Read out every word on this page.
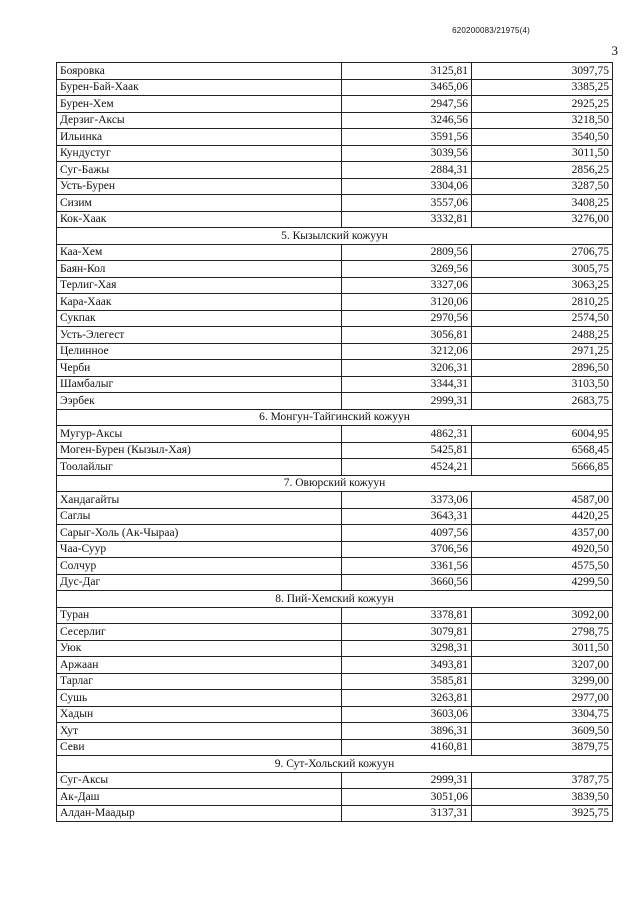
620200083/21975(4)
3
Бояровка	3125,81	3097,75
Бурен-Бай-Хаак	3465,06	3385,25
Бурен-Хем	2947,56	2925,25
Дерзиг-Аксы	3246,56	3218,50
Ильинка	3591,56	3540,50
Кундустуг	3039,56	3011,50
Суг-Бажы	2884,31	2856,25
Усть-Бурен	3304,06	3287,50
Сизим	3557,06	3408,25
Кок-Хаак	3332,81	3276,00
5. Кызылский кожуун		
Каа-Хем	2809,56	2706,75
Баян-Кол	3269,56	3005,75
Терлиг-Хая	3327,06	3063,25
Кара-Хаак	3120,06	2810,25
Сукпак	2970,56	2574,50
Усть-Элегест	3056,81	2488,25
Целинное	3212,06	2971,25
Черби	3206,31	2896,50
Шамбалыг	3344,31	3103,50
Ээрбек	2999,31	2683,75
6. Монгун-Тайгинский кожуун		
Мугур-Аксы	4862,31	6004,95
Моген-Бурен (Кызыл-Хая)	5425,81	6568,45
Тоолайлыг	4524,21	5666,85
7. Овюрский кожуун		
Хандагайты	3373,06	4587,00
Саглы	3643,31	4420,25
Сарыг-Холь (Ак-Чыраа)	4097,56	4357,00
Чаа-Суур	3706,56	4920,50
Солчур	3361,56	4575,50
Дус-Даг	3660,56	4299,50
8. Пий-Хемский кожуун		
Туран	3378,81	3092,00
Сесерлиг	3079,81	2798,75
Уюк	3298,31	3011,50
Аржаан	3493,81	3207,00
Тарлаг	3585,81	3299,00
Сушь	3263,81	2977,00
Хадын	3603,06	3304,75
Хут	3896,31	3609,50
Севи	4160,81	3879,75
9. Сут-Хольский кожуун		
Суг-Аксы	2999,31	3787,75
Ак-Даш	3051,06	3839,50
Алдан-Маадыр	3137,31	3925,75
